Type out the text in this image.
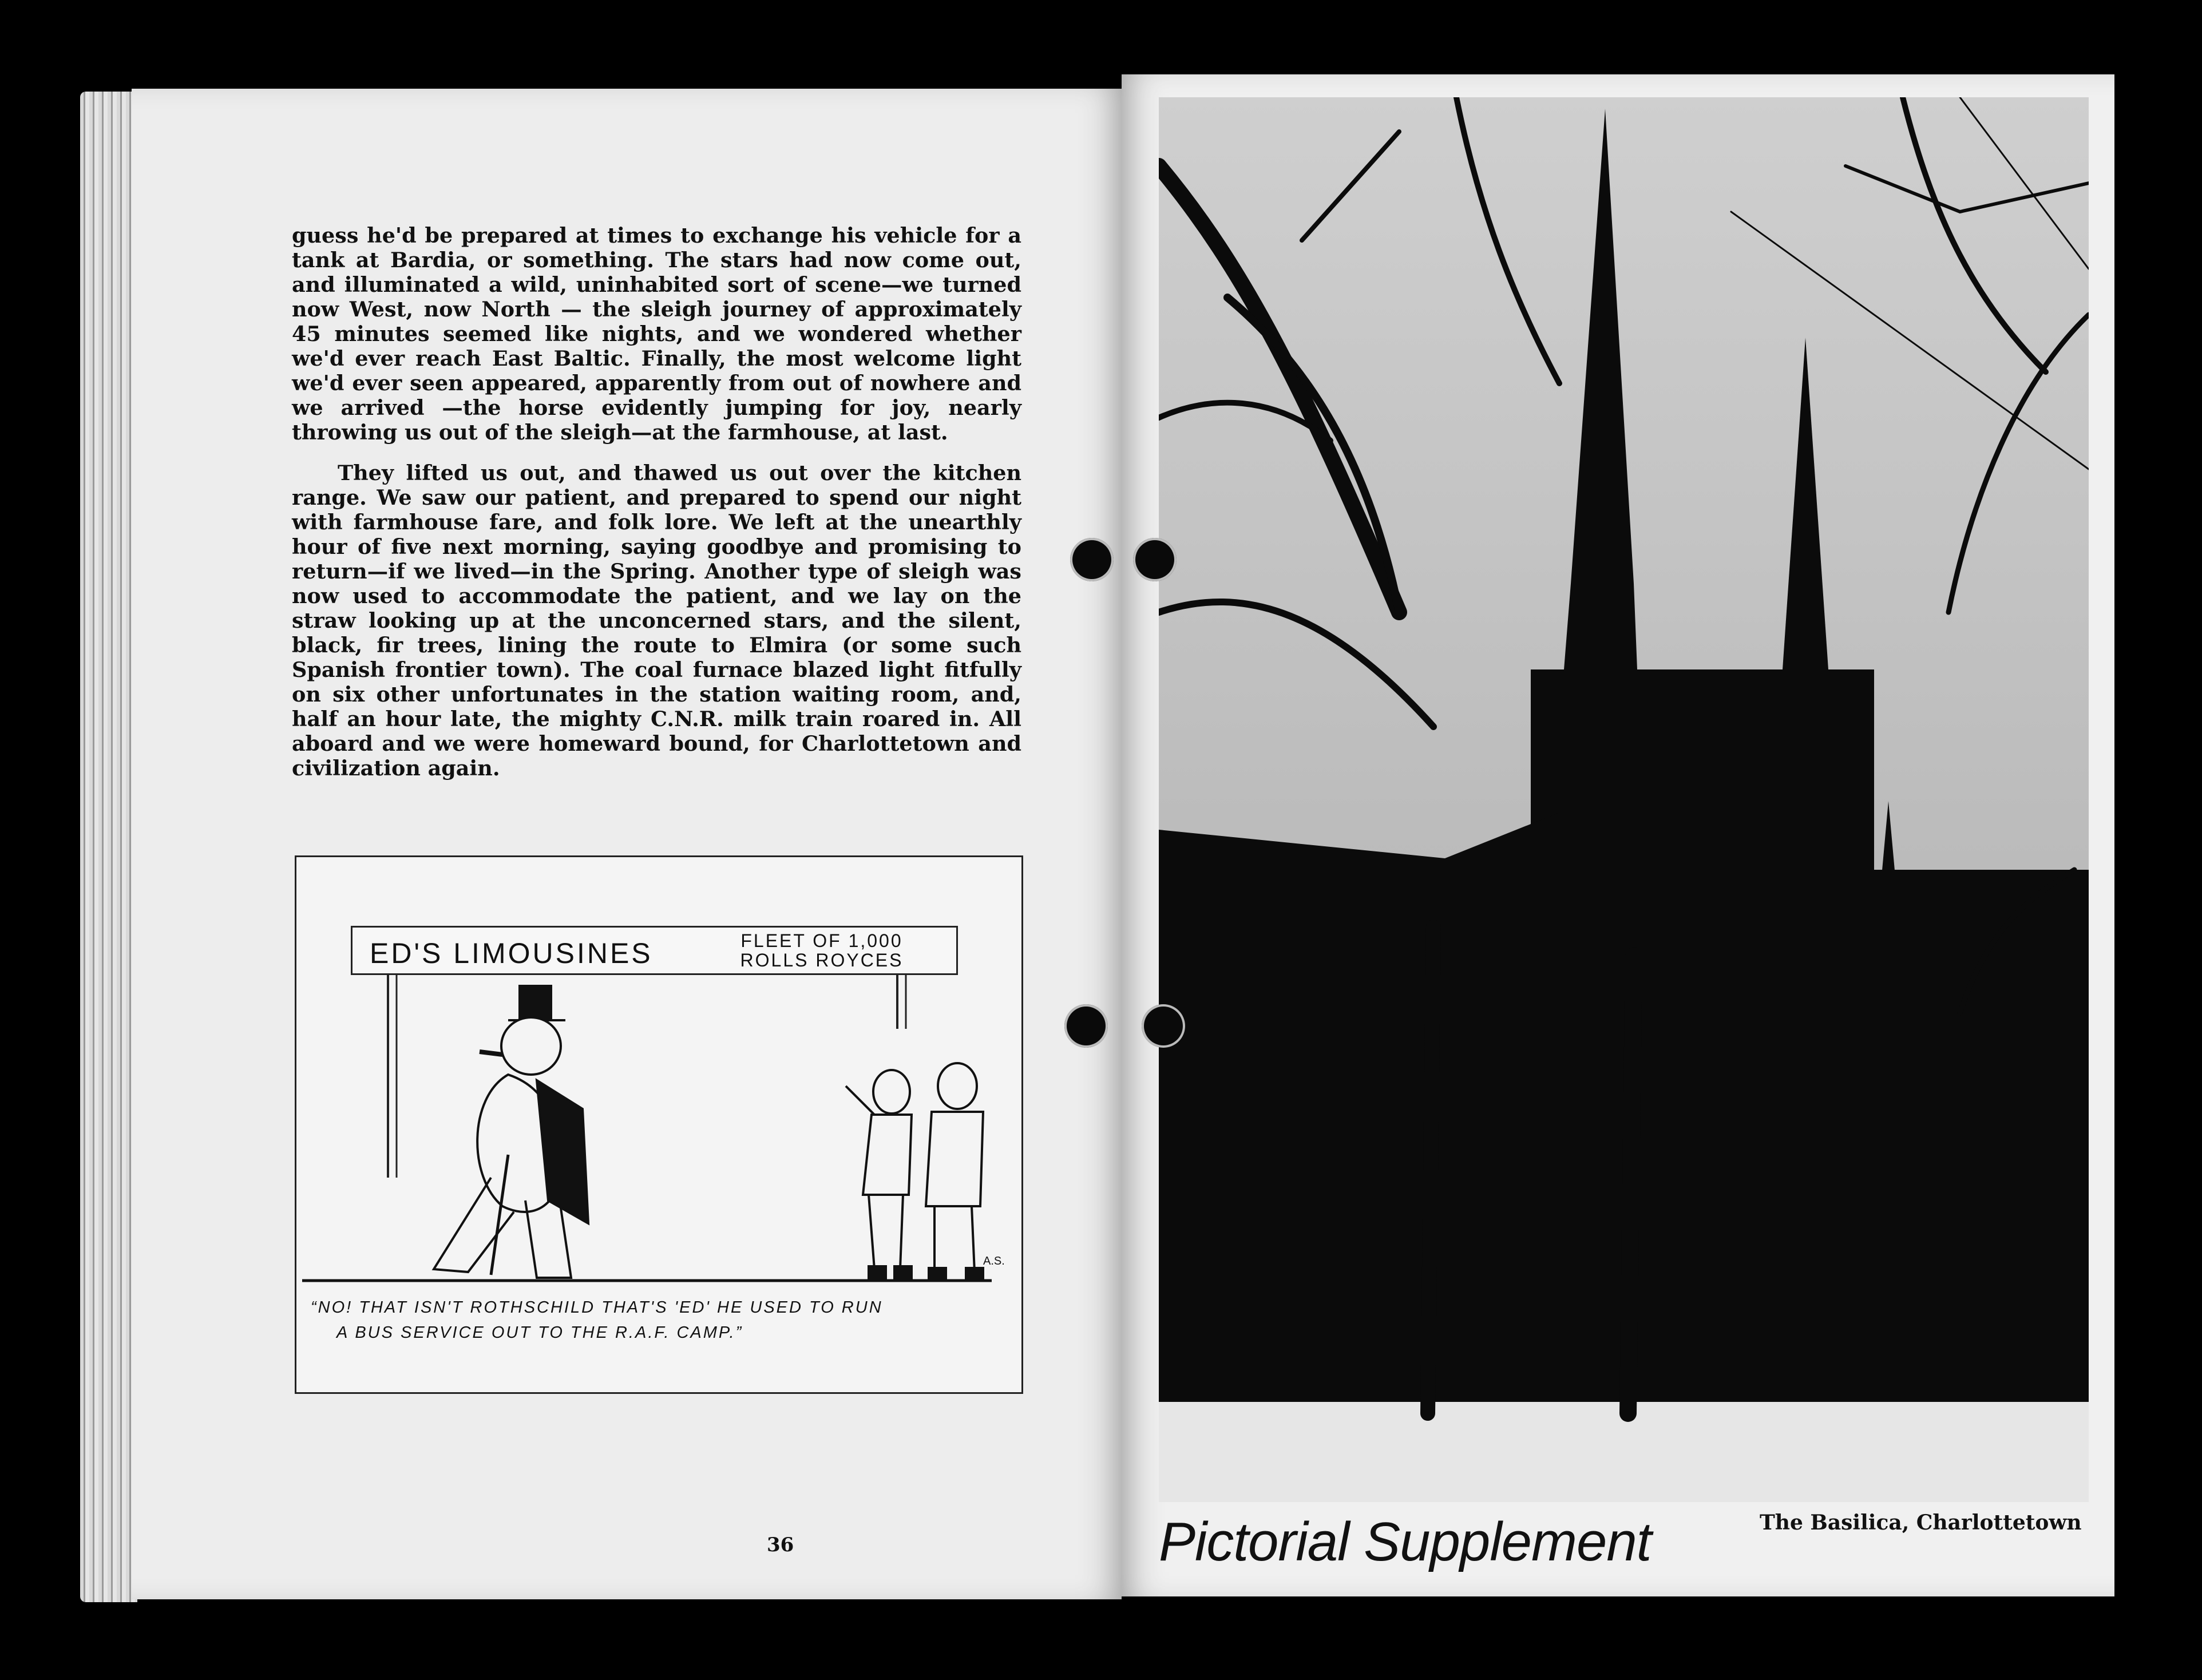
guess he'd be prepared at times to exchange his vehicle for a tank at Bardia, or something. The stars had now come out, and illuminated a wild, uninhabited sort of scene—we turned now West, now North — the sleigh journey of approximately 45 minutes seemed like nights, and we wondered whether we'd ever reach East Baltic. Finally, the most welcome light we'd ever seen appeared, apparently from out of nowhere and we arrived —the horse evidently jumping for joy, nearly throwing us out of the sleigh—at the farmhouse, at last.

They lifted us out, and thawed us out over the kitchen range. We saw our patient, and prepared to spend our night with farmhouse fare, and folk lore. We left at the unearthly hour of five next morning, saying goodbye and promising to return—if we lived—in the Spring. Another type of sleigh was now used to accommodate the patient, and we lay on the straw looking up at the unconcerned stars, and the silent, black, fir trees, lining the route to Elmira (or some such Spanish frontier town). The coal furnace blazed light fitfully on six other unfortunates in the station waiting room, and, half an hour late, the mighty C.N.R. milk train roared in. All aboard and we were homeward bound, for Charlottetown and civilization again.

ED'S LIMOUSINES	FLEET OF 1,000
ROLLS ROYCES
A.S.
“NO! THAT ISN'T ROTHSCHILD THAT'S 'ED' HE USED TO RUN
A BUS SERVICE OUT TO THE R.A.F. CAMP.”
36	Pictorial Supplement	The Basilica, Charlottetown
